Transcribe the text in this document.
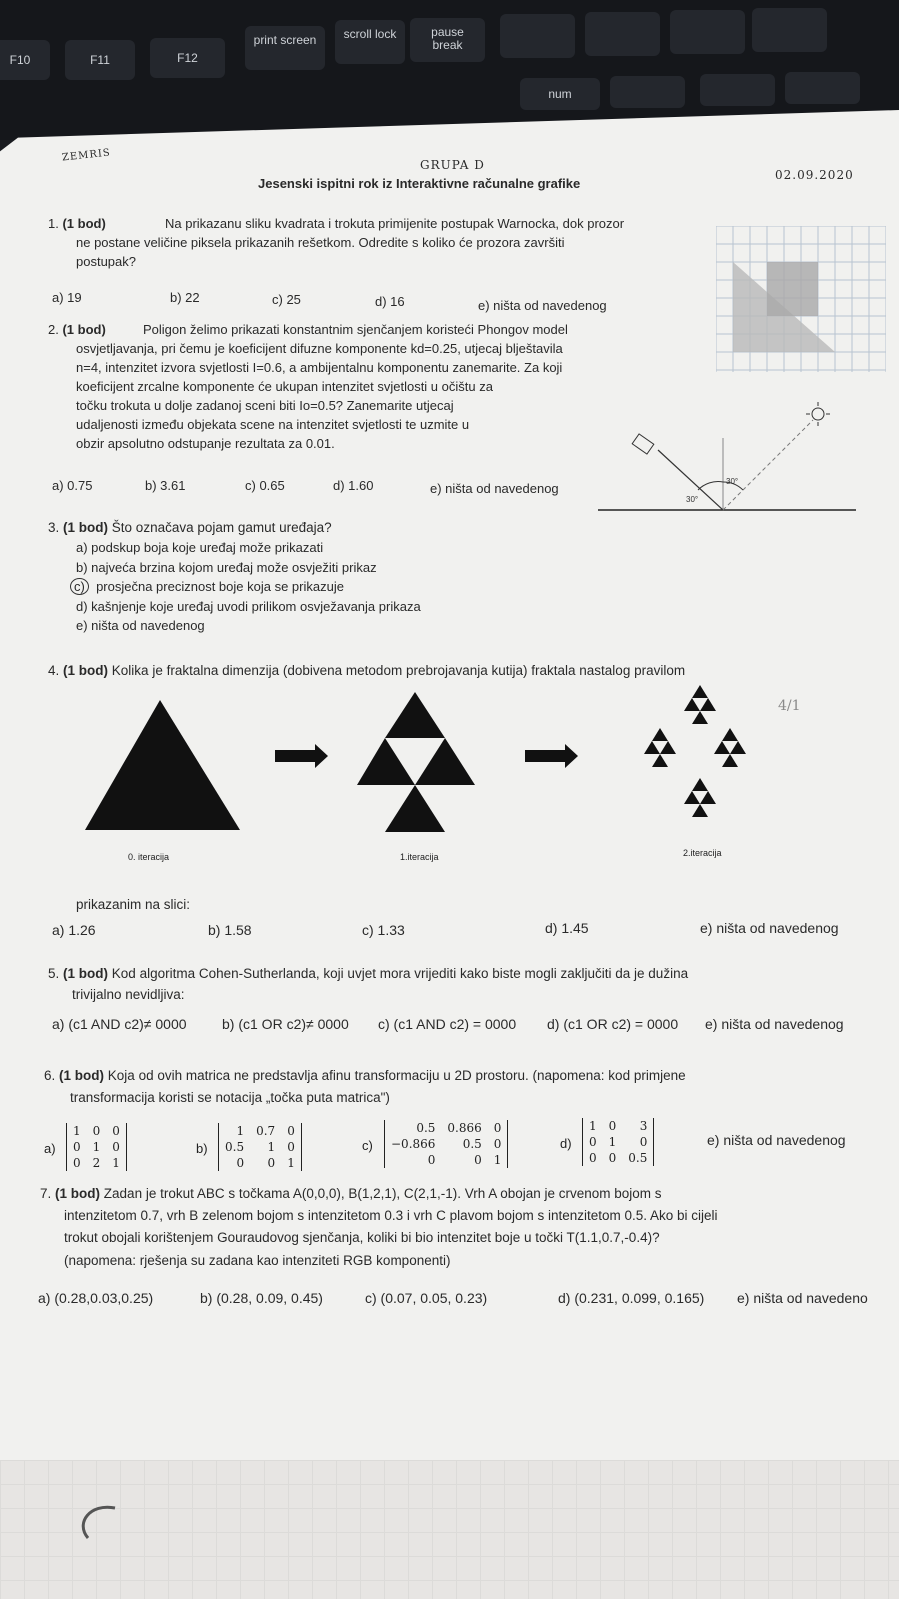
F10	F11	F12
print screen	scroll lock	pause break
num
ZEMRIS
GRUPA D
Jesenski ispitni rok iz Interaktivne računalne grafike
02.09.2020
1. (1 bod)	Na prikazanu sliku kvadrata i trokuta primijenite postupak Warnocka, dok prozor
ne postane veličine piksela prikazanih rešetkom. Odredite s koliko će prozora završiti
postupak?
a) 19	b) 22	c) 25	d) 16	e) ništa od navedenog
2. (1 bod)	Poligon želimo prikazati konstantnim sjenčanjem koristeći Phongov model
osvjetljavanja, pri čemu je koeficijent difuzne komponente kd=0.25, utjecaj blještavila
n=4, intenzitet izvora svjetlosti I=0.6, a ambijentalnu komponentu zanemarite. Za koji
koeficijent zrcalne komponente će ukupan intenzitet svjetlosti u očištu za
točku trokuta u dolje zadanoj sceni biti Io=0.5? Zanemarite utjecaj
udaljenosti između objekata scene na intenzitet svjetlosti te uzmite u
obzir apsolutno odstupanje rezultata za 0.01.
a) 0.75	b) 3.61	c) 0.65	d) 1.60	e) ništa od navedenog
30°
30°
3. (1 bod) Što označava pojam gamut uređaja?
a) podskup boja koje uređaj može prikazati
b) najveća brzina kojom uređaj može osvježiti prikaz
c) prosječna preciznost boje koja se prikazuje
d) kašnjenje koje uređaj uvodi prilikom osvježavanja prikaza
e) ništa od navedenog
4. (1 bod) Kolika je fraktalna dimenzija (dobivena metodom prebrojavanja kutija) fraktala nastalog pravilom
0. iteracija	1.iteracija	2.iteracija
4/1
prikazanim na slici:
a) 1.26	b) 1.58	c) 1.33	d) 1.45	e) ništa od navedenog
5. (1 bod) Kod algoritma Cohen-Sutherlanda, koji uvjet mora vrijediti kako biste mogli zaključiti da je dužina
trivijalno nevidljiva:
a) (c1 AND c2)≠ 0000	b) (c1 OR c2)≠ 0000 c) (c1 AND c2) = 0000 d) (c1 OR c2) = 0000 e) ništa od navedenog
6. (1 bod) Koja od ovih matrica ne predstavlja afinu transformaciju u 2D prostoru. (napomena: kod primjene
transformacija koristi se notacija „točka puta matrica")
a)
1	0	0
0	1	0
0	2	1
b)
1	0.7	0
0.5	1	0
0	0	1
c)
0.5	0.866	0
−0.866	0.5	0
0	0	1
d)
1	0	3
0	1	0
0	0	0.5
e) ništa od navedenog
7. (1 bod) Zadan je trokut ABC s točkama A(0,0,0), B(1,2,1), C(2,1,-1). Vrh A obojan je crvenom bojom s
intenzitetom 0.7, vrh B zelenom bojom s intenzitetom 0.3 i vrh C plavom bojom s intenzitetom 0.5. Ako bi cijeli
trokut obojali korištenjem Gouraudovog sjenčanja, koliki bi bio intenzitet boje u točki T(1.1,0.7,-0.4)?
(napomena: rješenja su zadana kao intenziteti RGB komponenti)
a) (0.28,0.03,0.25)	b) (0.28, 0.09, 0.45)	c) (0.07, 0.05, 0.23)	d) (0.231, 0.099, 0.165) e) ništa od navedeno
